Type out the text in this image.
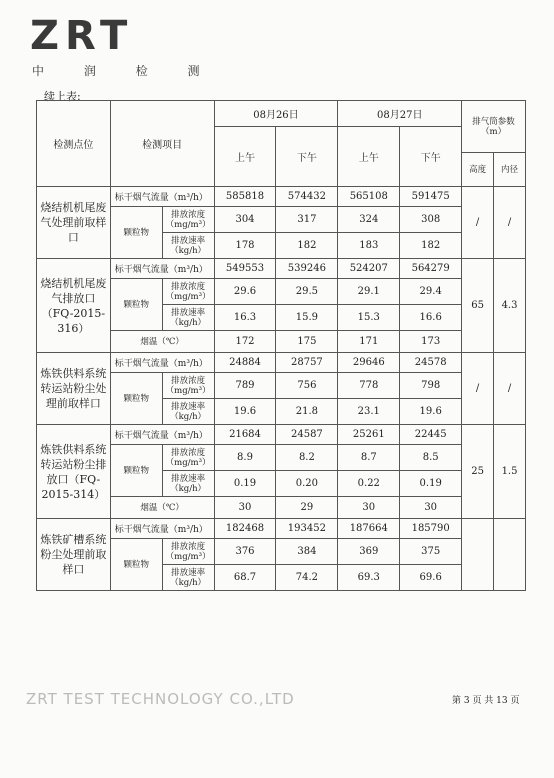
ZRT
中 润 检 测
续上表:
检测点位	检测项目		08月26日		08月27日		排气筒参数（m）	
			上午	下午	上午	下午		
							高度	内径
烧结机机尾废气处理前取样口	标干烟气流量（m³/h）		585818	574432	565108	591475	/	/
	颗粒物	排放浓度（mg/m³）	304	317	324	308		
		排放速率（kg/h）	178	182	183	182		
烧结机机尾废气排放口（FQ-2015-316）	标干烟气流量（m³/h）		549553	539246	524207	564279	65	4.3
	颗粒物	排放浓度（mg/m³）	29.6	29.5	29.1	29.4		
		排放速率（kg/h）	16.3	15.9	15.3	16.6		
	烟温（℃）		172	175	171	173		
炼铁供料系统转运站粉尘处理前取样口	标干烟气流量（m³/h）		24884	28757	29646	24578	/	/
	颗粒物	排放浓度（mg/m³）	789	756	778	798		
		排放速率（kg/h）	19.6	21.8	23.1	19.6		
炼铁供料系统转运站粉尘排放口（FQ-2015-314）	标干烟气流量（m³/h）		21684	24587	25261	22445	25	1.5
	颗粒物	排放浓度（mg/m³）	8.9	8.2	8.7	8.5		
		排放速率（kg/h）	0.19	0.20	0.22	0.19		
	烟温（℃）		30	29	30	30		
炼铁矿槽系统粉尘处理前取样口	标干烟气流量（m³/h）		182468	193452	187664	185790		
	颗粒物	排放浓度（mg/m³）	376	384	369	375		
		排放速率（kg/h）	68.7	74.2	69.3	69.6		
ZRT TEST TECHNOLOGY CO.,LTD	第 3 页 共 13 页
